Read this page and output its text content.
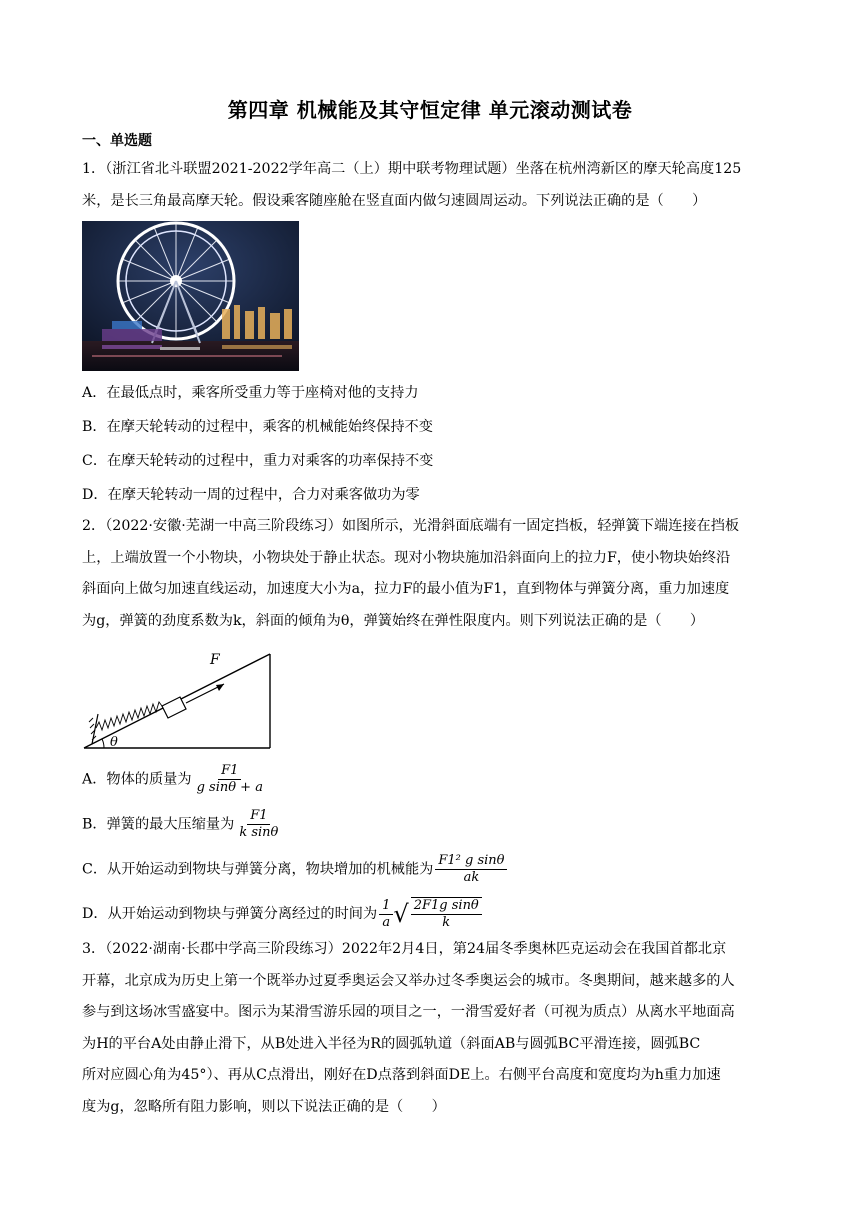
第四章 机械能及其守恒定律 单元滚动测试卷
一、单选题
1．（浙江省北斗联盟2021-2022学年高二（上）期中联考物理试题）坐落在杭州湾新区的摩天轮高度125
米，是长三角最高摩天轮。假设乘客随座舱在竖直面内做匀速圆周运动。下列说法正确的是（　　）
A．在最低点时，乘客所受重力等于座椅对他的支持力
B．在摩天轮转动的过程中，乘客的机械能始终保持不变
C．在摩天轮转动的过程中，重力对乘客的功率保持不变
D．在摩天轮转动一周的过程中，合力对乘客做功为零
2．（2022·安徽·芜湖一中高三阶段练习）如图所示，光滑斜面底端有一固定挡板，轻弹簧下端连接在挡板
上，上端放置一个小物块，小物块处于静止状态。现对小物块施加沿斜面向上的拉力F，使小物块始终沿
斜面向上做匀加速直线运动，加速度大小为a，拉力F的最小值为F1，直到物体与弹簧分离，重力加速度
为g，弹簧的劲度系数为k，斜面的倾角为θ，弹簧始终在弹性限度内。则下列说法正确的是（　　）
F
θ
A．物体的质量为 $\frac{F1}{\text{g sinθ + a}}$
B．弹簧的最大压缩量为 $\frac{F1}{\text{k sinθ}}$
C．从开始运动到物块与弹簧分离，物块增加的机械能为 $\frac{\text{F1² g sinθ}}{ak}$
D．从开始运动到物块与弹簧分离经过的时间为 $\frac{1}{a}$ √ $\frac{\text{2F1g sinθ}}{k}$
3．（2022·湖南·长郡中学高三阶段练习）2022年2月4日，第24届冬季奥林匹克运动会在我国首都北京
开幕，北京成为历史上第一个既举办过夏季奥运会又举办过冬季奥运会的城市。冬奥期间，越来越多的人
参与到这场冰雪盛宴中。图示为某滑雪游乐园的项目之一，一滑雪爱好者（可视为质点）从离水平地面高
为H的平台A处由静止滑下，从B处进入半径为R的圆弧轨道（斜面AB与圆弧BC平滑连接，圆弧BC
所对应圆心角为45°）、再从C点滑出，刚好在D点落到斜面DE上。右侧平台高度和宽度均为h重力加速
度为g，忽略所有阻力影响，则以下说法正确的是（　　）
